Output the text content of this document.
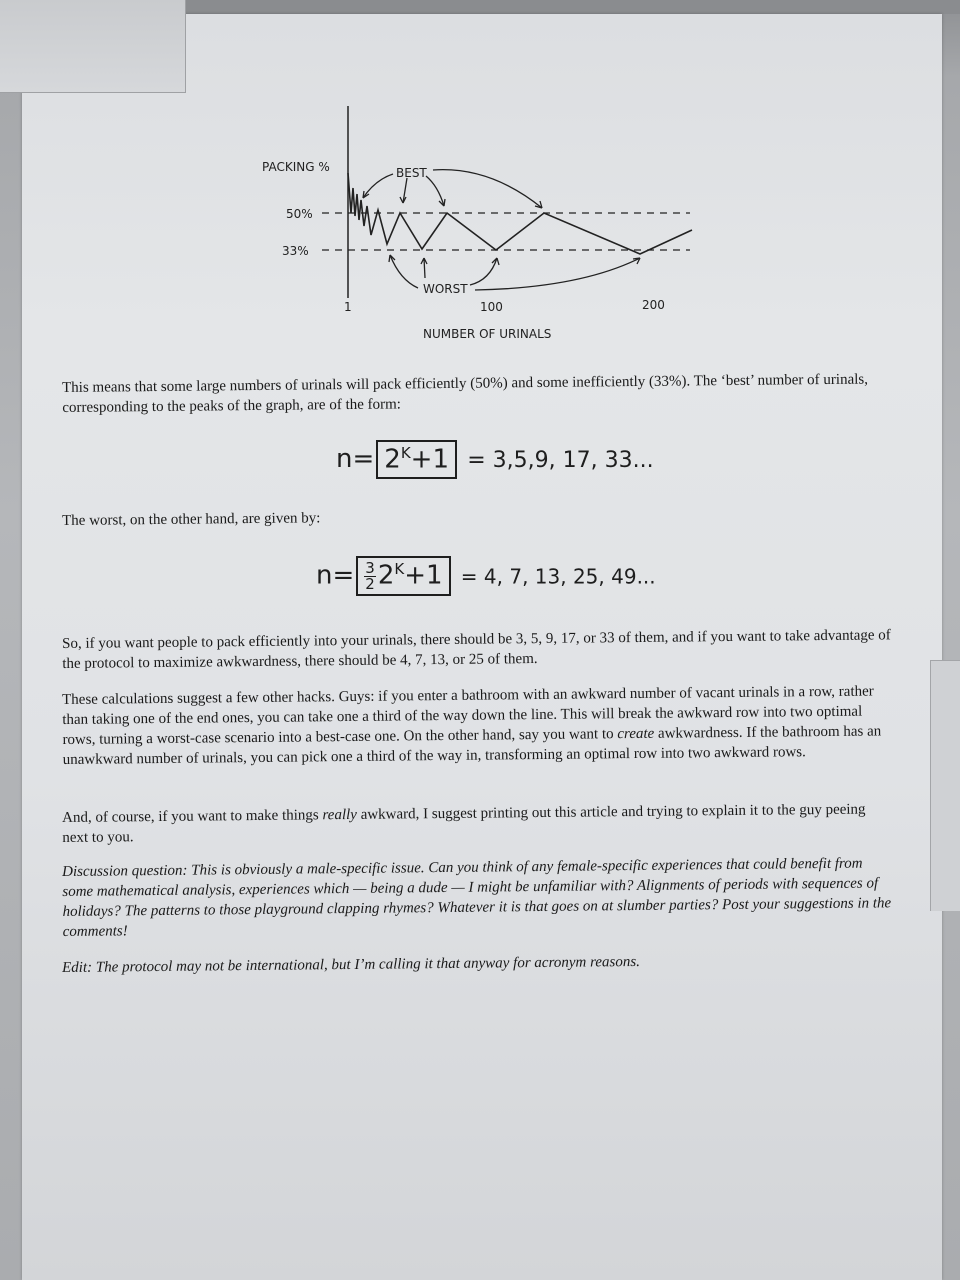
PACKING %
50%
33%
BEST
WORST
1	100	200
NUMBER OF URINALS
This means that some large numbers of urinals will pack efficiently (50%) and some inefficiently (33%). The ‘best’ number of urinals, corresponding to the peaks of the graph, are of the form:
$n= 2^K+1 = 3,5,9$, 17, 33...
The worst, on the other hand, are given by:
$n= \frac{3}{2}2^K+1 = 4$, 7, 13, 25, 49...
So, if you want people to pack efficiently into your urinals, there should be 3, 5, 9, 17, or 33 of them, and if you want to take advantage of the protocol to maximize awkwardness, there should be 4, 7, 13, or 25 of them.
These calculations suggest a few other hacks. Guys: if you enter a bathroom with an awkward number of vacant urinals in a row, rather than taking one of the end ones, you can take one a third of the way down the line. This will break the awkward row into two optimal rows, turning a worst-case scenario into a best-case one. On the other hand, say you want to create awkwardness. If the bathroom has an unawkward number of urinals, you can pick one a third of the way in, transforming an optimal row into two awkward rows.
And, of course, if you want to make things really awkward, I suggest printing out this article and trying to explain it to the guy peeing next to you.
Discussion question: This is obviously a male-specific issue. Can you think of any female-specific experiences that could benefit from some mathematical analysis, experiences which — being a dude — I might be unfamiliar with? Alignments of periods with sequences of holidays? The patterns to those playground clapping rhymes? Whatever it is that goes on at slumber parties? Post your suggestions in the comments!
Edit: The protocol may not be international, but I’m calling it that anyway for acronym reasons.
